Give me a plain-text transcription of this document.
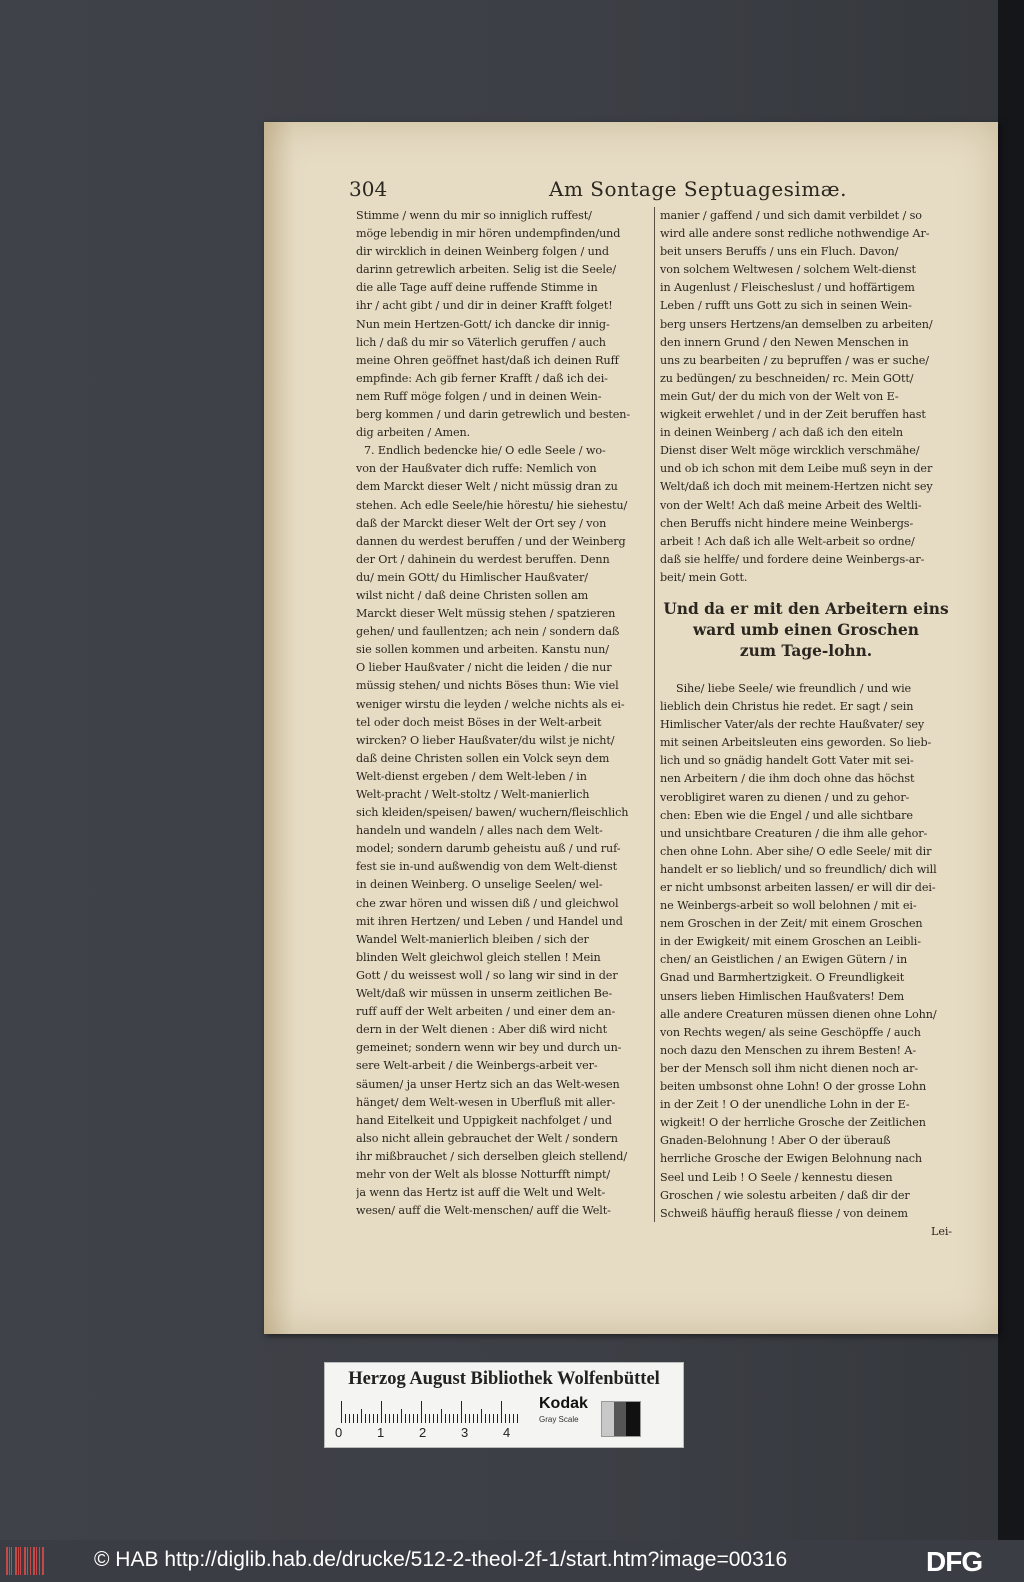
304	Am Sontage Septuagesimæ.
Stimme / wenn du mir so inniglich ruffest/
möge lebendig in mir hören undempfinden/und
dir wircklich in deinen Weinberg folgen / und
darinn getrewlich arbeiten. Selig ist die Seele/
die alle Tage auff deine ruffende Stimme in
ihr / acht gibt / und dir in deiner Krafft folget!
Nun mein Hertzen-Gott/ ich dancke dir innig-
lich / daß du mir so Väterlich geruffen / auch
meine Ohren geöffnet hast/daß ich deinen Ruff
empfinde: Ach gib ferner Krafft / daß ich dei-
nem Ruff möge folgen / und in deinen Wein-
berg kommen / und darin getrewlich und besten-
dig arbeiten / Amen.
7. Endlich bedencke hie/ O edle Seele / wo-
von der Haußvater dich ruffe: Nemlich von
dem Marckt dieser Welt / nicht müssig dran zu
stehen. Ach edle Seele/hie hörestu/ hie siehestu/
daß der Marckt dieser Welt der Ort sey / von
dannen du werdest beruffen / und der Weinberg
der Ort / dahinein du werdest beruffen. Denn
du/ mein GOtt/ du Himlischer Haußvater/
wilst nicht / daß deine Christen sollen am
Marckt dieser Welt müssig stehen / spatzieren
gehen/ und faullentzen; ach nein / sondern daß
sie sollen kommen und arbeiten. Kanstu nun/
O lieber Haußvater / nicht die leiden / die nur
müssig stehen/ und nichts Böses thun: Wie viel
weniger wirstu die leyden / welche nichts als ei-
tel oder doch meist Böses in der Welt-arbeit
wircken? O lieber Haußvater/du wilst je nicht/
daß deine Christen sollen ein Volck seyn dem
Welt-dienst ergeben / dem Welt-leben / in
Welt-pracht / Welt-stoltz / Welt-manierlich
sich kleiden/speisen/ bawen/ wuchern/fleischlich
handeln und wandeln / alles nach dem Welt-
model; sondern darumb geheistu auß / und ruf-
fest sie in-und außwendig von dem Welt-dienst
in deinen Weinberg. O unselige Seelen/ wel-
che zwar hören und wissen diß / und gleichwol
mit ihren Hertzen/ und Leben / und Handel und
Wandel Welt-manierlich bleiben / sich der
blinden Welt gleichwol gleich stellen ! Mein
Gott / du weissest woll / so lang wir sind in der
Welt/daß wir müssen in unserm zeitlichen Be-
ruff auff der Welt arbeiten / und einer dem an-
dern in der Welt dienen : Aber diß wird nicht
gemeinet; sondern wenn wir bey und durch un-
sere Welt-arbeit / die Weinbergs-arbeit ver-
säumen/ ja unser Hertz sich an das Welt-wesen
hänget/ dem Welt-wesen in Uberfluß mit aller-
hand Eitelkeit und Uppigkeit nachfolget / und
also nicht allein gebrauchet der Welt / sondern
ihr mißbrauchet / sich derselben gleich stellend/
mehr von der Welt als blosse Notturfft nimpt/
ja wenn das Hertz ist auff die Welt und Welt-
wesen/ auff die Welt-menschen/ auff die Welt-
manier / gaffend / und sich damit verbildet / so
wird alle andere sonst redliche nothwendige Ar-
beit unsers Beruffs / uns ein Fluch. Davon/
von solchem Weltwesen / solchem Welt-dienst
in Augenlust / Fleischeslust / und hoffärtigem
Leben / rufft uns Gott zu sich in seinen Wein-
berg unsers Hertzens/an demselben zu arbeiten/
den innern Grund / den Newen Menschen in
uns zu bearbeiten / zu bepruffen / was er suche/
zu bedüngen/ zu beschneiden/ rc. Mein GOtt/
mein Gut/ der du mich von der Welt von E-
wigkeit erwehlet / und in der Zeit beruffen hast
in deinen Weinberg / ach daß ich den eiteln
Dienst diser Welt möge wircklich verschmähe/
und ob ich schon mit dem Leibe muß seyn in der
Welt/daß ich doch mit meinem-Hertzen nicht sey
von der Welt! Ach daß meine Arbeit des Weltli-
chen Beruffs nicht hindere meine Weinbergs-
arbeit ! Ach daß ich alle Welt-arbeit so ordne/
daß sie helffe/ und fordere deine Weinbergs-ar-
beit/ mein Gott.
Und da er mit den Arbeitern eins
ward umb einen Groschen
zum Tage-lohn.
Sihe/ liebe Seele/ wie freundlich / und wie
lieblich dein Christus hie redet. Er sagt / sein
Himlischer Vater/als der rechte Haußvater/ sey
mit seinen Arbeitsleuten eins geworden. So lieb-
lich und so gnädig handelt Gott Vater mit sei-
nen Arbeitern / die ihm doch ohne das höchst
verobligiret waren zu dienen / und zu gehor-
chen: Eben wie die Engel / und alle sichtbare
und unsichtbare Creaturen / die ihm alle gehor-
chen ohne Lohn. Aber sihe/ O edle Seele/ mit dir
handelt er so lieblich/ und so freundlich/ dich will
er nicht umbsonst arbeiten lassen/ er will dir dei-
ne Weinbergs-arbeit so woll belohnen / mit ei-
nem Groschen in der Zeit/ mit einem Groschen
in der Ewigkeit/ mit einem Groschen an Leibli-
chen/ an Geistlichen / an Ewigen Gütern / in
Gnad und Barmhertzigkeit. O Freundligkeit
unsers lieben Himlischen Haußvaters! Dem
alle andere Creaturen müssen dienen ohne Lohn/
von Rechts wegen/ als seine Geschöpffe / auch
noch dazu den Menschen zu ihrem Besten! A-
ber der Mensch soll ihm nicht dienen noch ar-
beiten umbsonst ohne Lohn! O der grosse Lohn
in der Zeit ! O der unendliche Lohn in der E-
wigkeit! O der herrliche Grosche der Zeitlichen
Gnaden-Belohnung ! Aber O der überauß
herrliche Grosche der Ewigen Belohnung nach
Seel und Leib ! O Seele / kennestu diesen
Groschen / wie solestu arbeiten / daß dir der
Schweiß häuffig herauß fliesse / von deinem
Lei-
Herzog August Bibliothek Wolfenbüttel
0	1	2	3	4
Kodak
Gray Scale
© HAB http://diglib.hab.de/drucke/512-2-theol-2f-1/start.htm?image=00316	DFG
